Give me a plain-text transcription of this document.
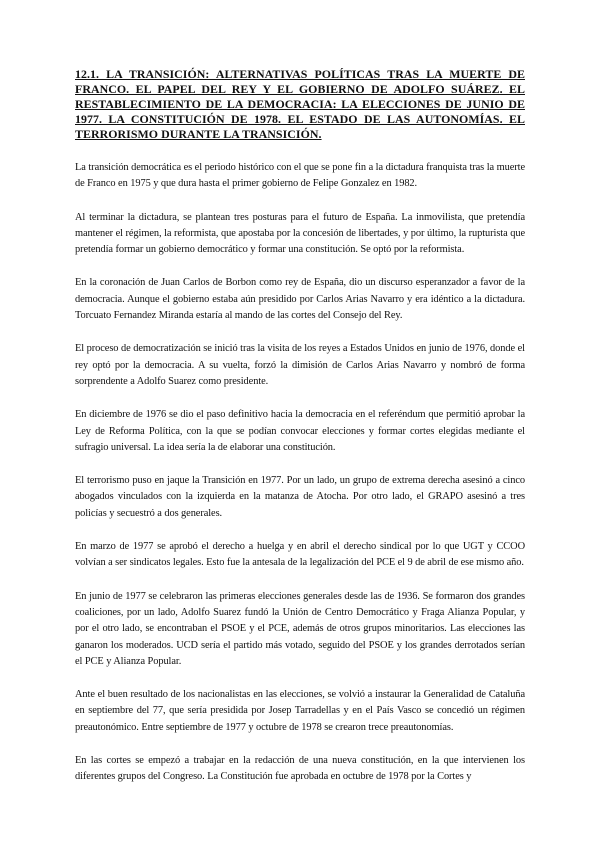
12.1. LA TRANSICIÓN: ALTERNATIVAS POLÍTICAS TRAS LA MUERTE DE FRANCO. EL PAPEL DEL REY Y EL GOBIERNO DE ADOLFO SUÁREZ. EL RESTABLECIMIENTO DE LA DEMOCRACIA: LA ELECCIONES DE JUNIO DE 1977. LA CONSTITUCIÓN DE 1978. EL ESTADO DE LAS AUTONOMÍAS. EL TERRORISMO DURANTE LA TRANSICIÓN.

La transición democrática es el periodo histórico con el que se pone fin a la dictadura franquista tras la muerte de Franco en 1975 y que dura hasta el primer gobierno de Felipe Gonzalez en 1982.

Al terminar la dictadura, se plantean tres posturas para el futuro de España. La inmovilista, que pretendía mantener el régimen, la reformista, que apostaba por la concesión de libertades, y por último, la rupturista que pretendía formar un gobierno democrático y formar una constitución. Se optó por la reformista.

En la coronación de Juan Carlos de Borbon como rey de España, dio un discurso esperanzador a favor de la democracia. Aunque el gobierno estaba aún presidido por Carlos Arias Navarro y era idéntico a la dictadura. Torcuato Fernandez Miranda estaría al mando de las cortes del Consejo del Rey.

El proceso de democratización se inició tras la visita de los reyes a Estados Unidos en junio de 1976, donde el rey optó por la democracia. A su vuelta, forzó la dimisión de Carlos Arias Navarro y nombró de forma sorprendente a Adolfo Suarez como presidente.

En diciembre de 1976 se dio el paso definitivo hacia la democracia en el referéndum que permitió aprobar la Ley de Reforma Política, con la que se podían convocar elecciones y formar cortes elegidas mediante el sufragio universal. La idea sería la de elaborar una constitución.

El terrorismo puso en jaque la Transición en 1977. Por un lado, un grupo de extrema derecha asesinó a cinco abogados vinculados con la izquierda en la matanza de Atocha. Por otro lado, el GRAPO asesinó a tres policías y secuestró a dos generales.

En marzo de 1977 se aprobó el derecho a huelga y en abril el derecho sindical por lo que UGT y CCOO volvían a ser sindicatos legales. Esto fue la antesala de la legalización del PCE el 9 de abril de ese mismo año.

En junio de 1977 se celebraron las primeras elecciones generales desde las de 1936. Se formaron dos grandes coaliciones, por un lado, Adolfo Suarez fundó la Unión de Centro Democrático y Fraga Alianza Popular, y por el otro lado, se encontraban el PSOE y el PCE, además de otros grupos minoritarios. Las elecciones las ganaron los moderados. UCD sería el partido más votado, seguido del PSOE y los grandes derrotados serían el PCE y Alianza Popular.

Ante el buen resultado de los nacionalistas en las elecciones, se volvió a instaurar la Generalidad de Cataluña en septiembre del 77, que sería presidida por Josep Tarradellas y en el País Vasco se concedió un régimen preautonómico. Entre septiembre de 1977 y octubre de 1978 se crearon trece preautonomías.

En las cortes se empezó a trabajar en la redacción de una nueva constitución, en la que intervienen los diferentes grupos del Congreso. La Constitución fue aprobada en octubre de 1978 por la Cortes y
